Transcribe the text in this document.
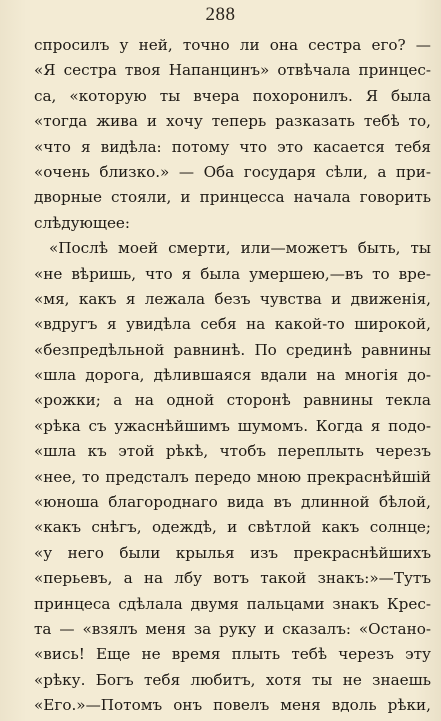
288
спросилъ у ней, точно ли она сестра его? —
«Я сестра твоя Напанцинъ» отвѣчала принцес-
са, «которую ты вчера похоронилъ. Я была
«тогда жива и хочу теперь разказать тебѣ то,
«что я видѣла: потому что это касается тебя
«очень близко.» — Оба государя сѣли, а при-
дворные стояли, и принцесса начала говорить
слѣдующее:
«Послѣ моей смерти, или—можетъ быть, ты
«не вѣришь, что я была умершею,—въ то вре-
«мя, какъ я лежала безъ чувства и движенія,
«вдругъ я увидѣла себя на какой-то широкой,
«безпредѣльной равнинѣ. По срединѣ равнины
«шла дорога, дѣлившаяся вдали на многія до-
«рожки; а на одной сторонѣ равнины текла
«рѣка съ ужаснѣйшимъ шумомъ. Когда я подо-
«шла къ этой рѣкѣ, чтобъ переплыть черезъ
«нее, то предсталъ передо мною прекраснѣйшій
«юноша благороднаго вида въ длинной бѣлой,
«какъ снѣгъ, одеждѣ, и свѣтлой какъ солнце;
«у него были крылья изъ прекраснѣйшихъ
«перьевъ, а на лбу вотъ такой знакъ:»—Тутъ
принцеса сдѣлала двумя пальцами знакъ Крес-
та — «взялъ меня за руку и сказалъ: «Остано-
«вись! Еще не время плыть тебѣ черезъ эту
«рѣку. Богъ тебя любитъ, хотя ты не знаешь
«Его.»—Потомъ онъ повелъ меня вдоль рѣки,
